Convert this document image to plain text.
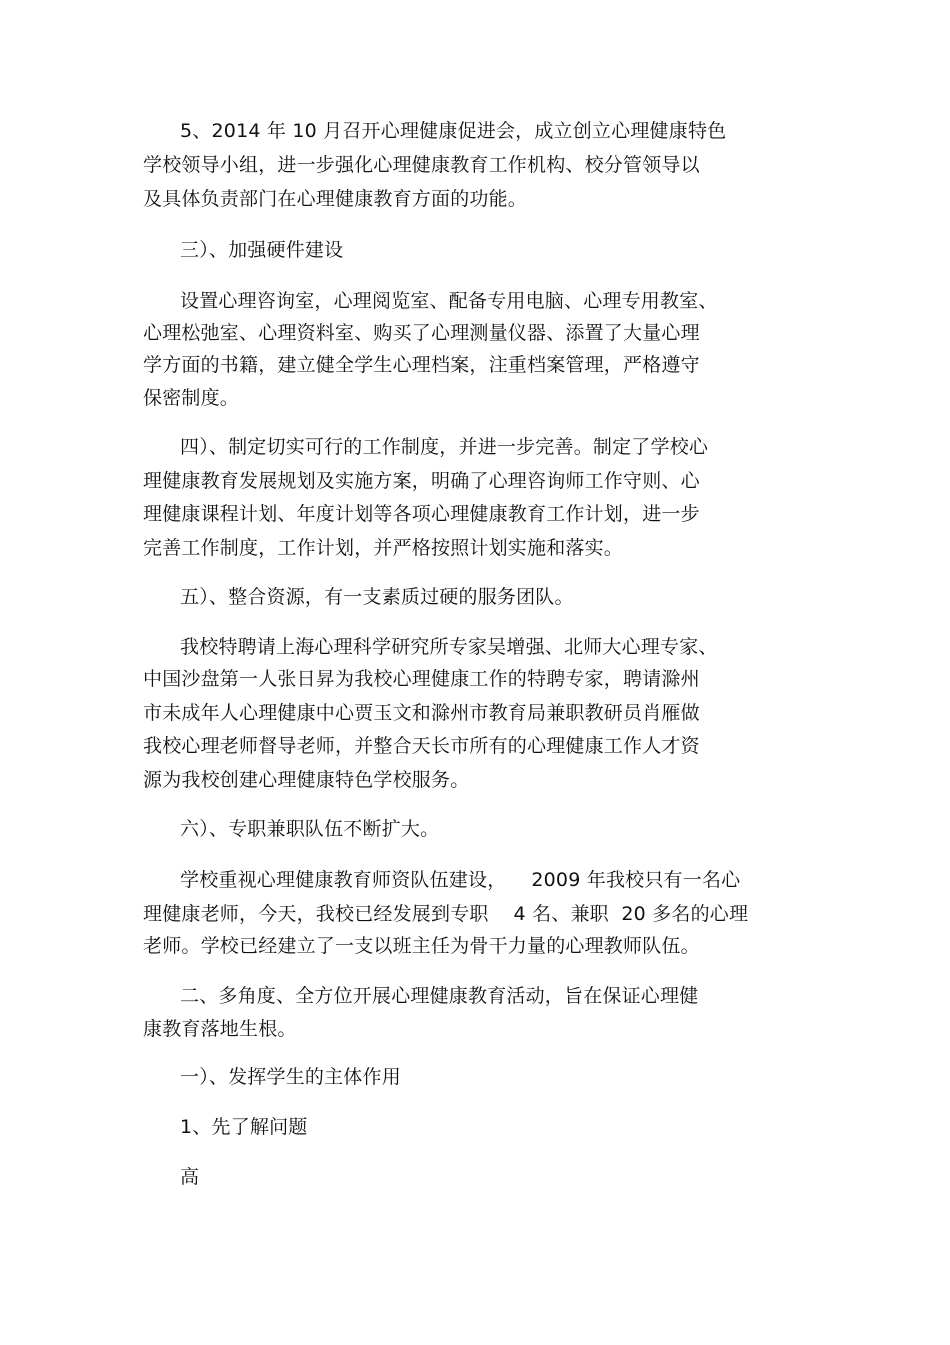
5、2014 年 10 月召开心理健康促进会，成立创立心理健康特色
学校领导小组，进一步强化心理健康教育工作机构、校分管领导以
及具体负责部门在心理健康教育方面的功能。
三）、加强硬件建设
设置心理咨询室，心理阅览室、配备专用电脑、心理专用教室、
心理松弛室、心理资料室、购买了心理测量仪器、添置了大量心理
学方面的书籍，建立健全学生心理档案，注重档案管理，严格遵守
保密制度。
四）、制定切实可行的工作制度，并进一步完善。制定了学校心
理健康教育发展规划及实施方案，明确了心理咨询师工作守则、心
理健康课程计划、年度计划等各项心理健康教育工作计划，进一步
完善工作制度，工作计划，并严格按照计划实施和落实。
五）、整合资源，有一支素质过硬的服务团队。
我校特聘请上海心理科学研究所专家吴增强、北师大心理专家、
中国沙盘第一人张日昇为我校心理健康工作的特聘专家，聘请滁州
市未成年人心理健康中心贾玉文和滁州市教育局兼职教研员肖雁做
我校心理老师督导老师，并整合天长市所有的心理健康工作人才资
源为我校创建心理健康特色学校服务。
六）、专职兼职队伍不断扩大。
学校重视心理健康教育师资队伍建设，    2009 年我校只有一名心
理健康老师，今天，我校已经发展到专职    4 名、兼职  20 多名的心理
老师。学校已经建立了一支以班主任为骨干力量的心理教师队伍。
二、多角度、全方位开展心理健康教育活动，旨在保证心理健
康教育落地生根。
一）、发挥学生的主体作用
1、先了解问题
高
